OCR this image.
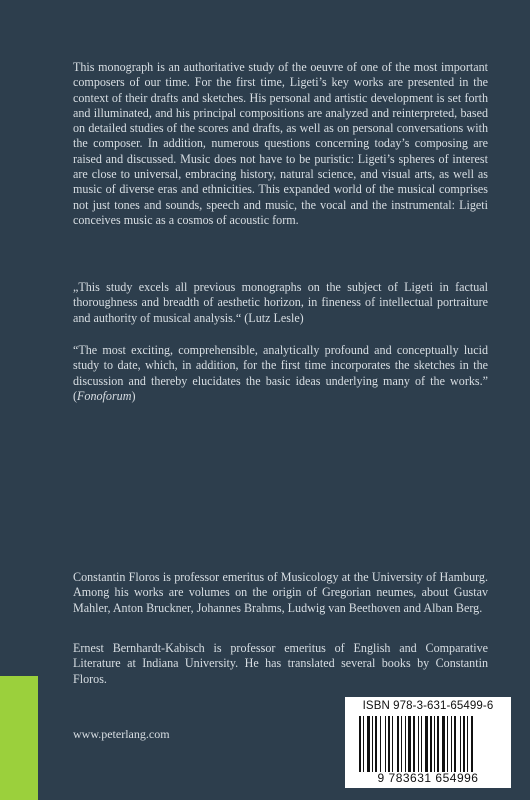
This monograph is an authoritative study of the oeuvre of one of the most important composers of our time. For the first time, Ligeti’s key works are presented in the context of their drafts and sketches. His personal and artistic development is set forth and illuminated, and his principal compositions are analyzed and reinterpreted, based on detailed studies of the scores and drafts, as well as on personal conversations with the composer. In addition, numerous questions concerning today’s composing are raised and discussed. Music does not have to be puristic: Ligeti’s spheres of interest are close to universal, embracing history, natural science, and visual arts, as well as music of diverse eras and ethnicities. This expanded world of the musical comprises not just tones and sounds, speech and music, the vocal and the instrumental: Ligeti conceives music as a cosmos of acoustic form.

„This study excels all previous monographs on the subject of Ligeti in factual thoroughness and breadth of aesthetic horizon, in fineness of intellectual portraiture and authority of musical analysis.“ (Lutz Lesle)

“The most exciting, comprehensible, analytically profound and conceptually lucid study to date, which, in addition, for the first time incorporates the sketches in the discussion and thereby elucidates the basic ideas underlying many of the works.” (Fonoforum)

Constantin Floros is professor emeritus of Musicology at the University of Hamburg. Among his works are volumes on the origin of Gregorian neumes, about Gustav Mahler, Anton Bruckner, Johannes Brahms, Ludwig van Beethoven and Alban Berg.

Ernest Bernhardt-Kabisch is professor emeritus of English and Comparative Literature at Indiana University. He has translated several books by Constantin Floros.

www.peterlang.com

ISBN 978-3-631-65499-6
9 783631 654996
